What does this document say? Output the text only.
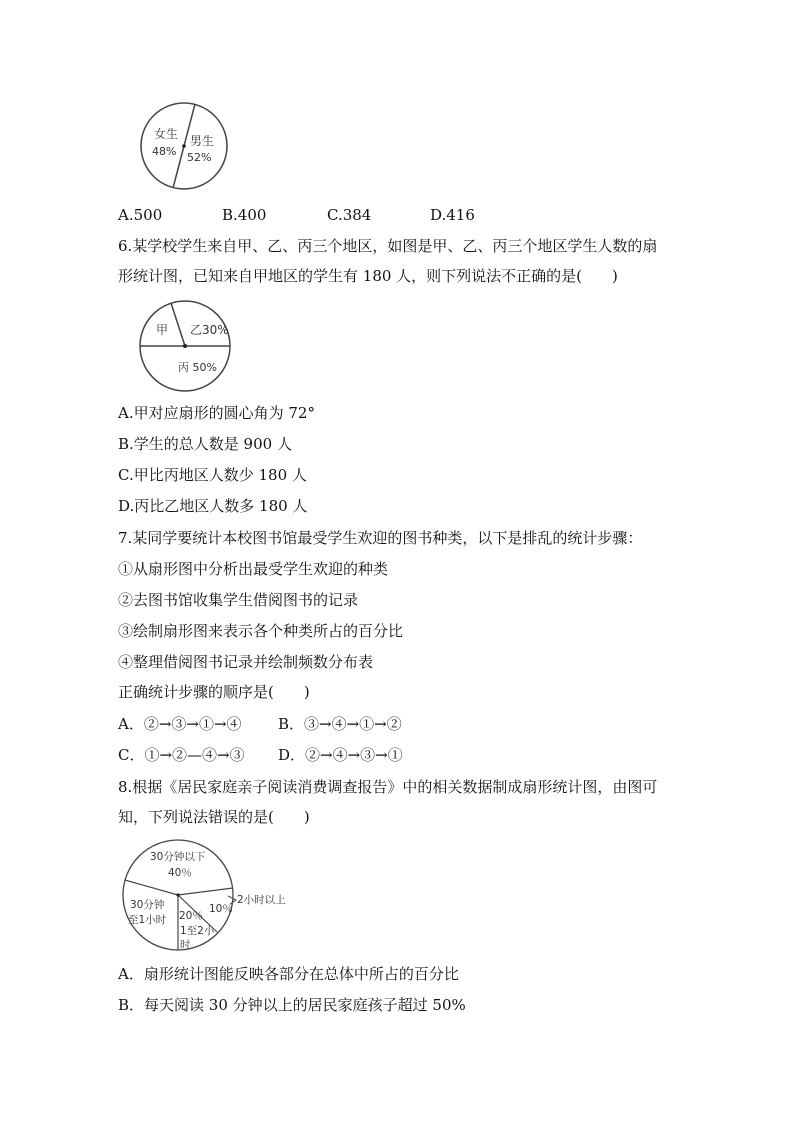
女生
48%
男生
52%
A.500	B.400	C.384	D.416
6.某学校学生来自甲、乙、丙三个地区，如图是甲、乙、丙三个地区学生人数的扇
形统计图，已知来自甲地区的学生有 180 人，则下列说法不正确的是(　　)
甲 乙30%
丙 50%
A.甲对应扇形的圆心角为 72°
B.学生的总人数是 900 人
C.甲比丙地区人数少 180 人
D.丙比乙地区人数多 180 人
7.某同学要统计本校图书馆最受学生欢迎的图书种类，以下是排乱的统计步骤：
①从扇形图中分析出最受学生欢迎的种类
②去图书馆收集学生借阅图书的记录
③绘制扇形图来表示各个种类所占的百分比
④整理借阅图书记录并绘制频数分布表
正确统计步骤的顺序是(　　)
A．②→③→①→④ B．③→④→①→②
C．①→②—④→③ D．②→④→③→①
8.根据《居民家庭亲子阅读消费调查报告》中的相关数据制成扇形统计图，由图可
知，下列说法错误的是(　　)
30分钟以下
40％
30分钟
至1小时 20％
1至2小
时
10％
2小时以上
A．扇形统计图能反映各部分在总体中所占的百分比
B．每天阅读 30 分钟以上的居民家庭孩子超过 50%
